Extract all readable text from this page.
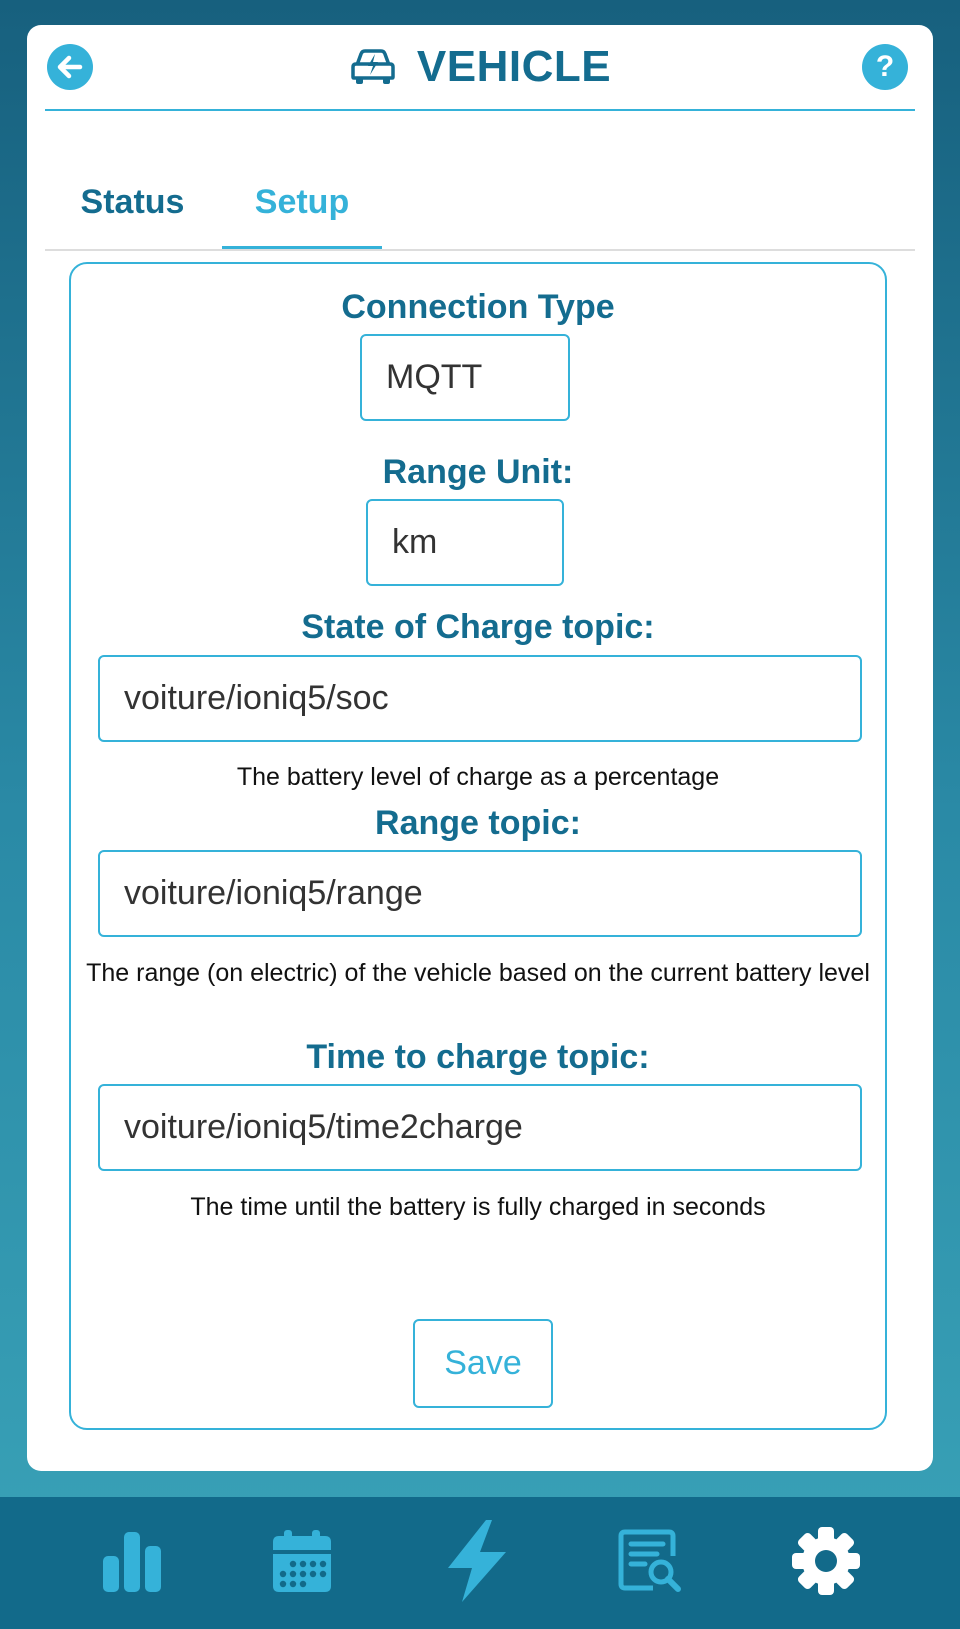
VEHICLE	?
Status	Setup
Connection Type
MQTT
Range Unit:
km
State of Charge topic:
voiture/ioniq5/soc
The battery level of charge as a percentage
Range topic:
voiture/ioniq5/range
The range (on electric) of the vehicle based on the current battery level
Time to charge topic:
voiture/ioniq5/time2charge
The time until the battery is fully charged in seconds
Save
